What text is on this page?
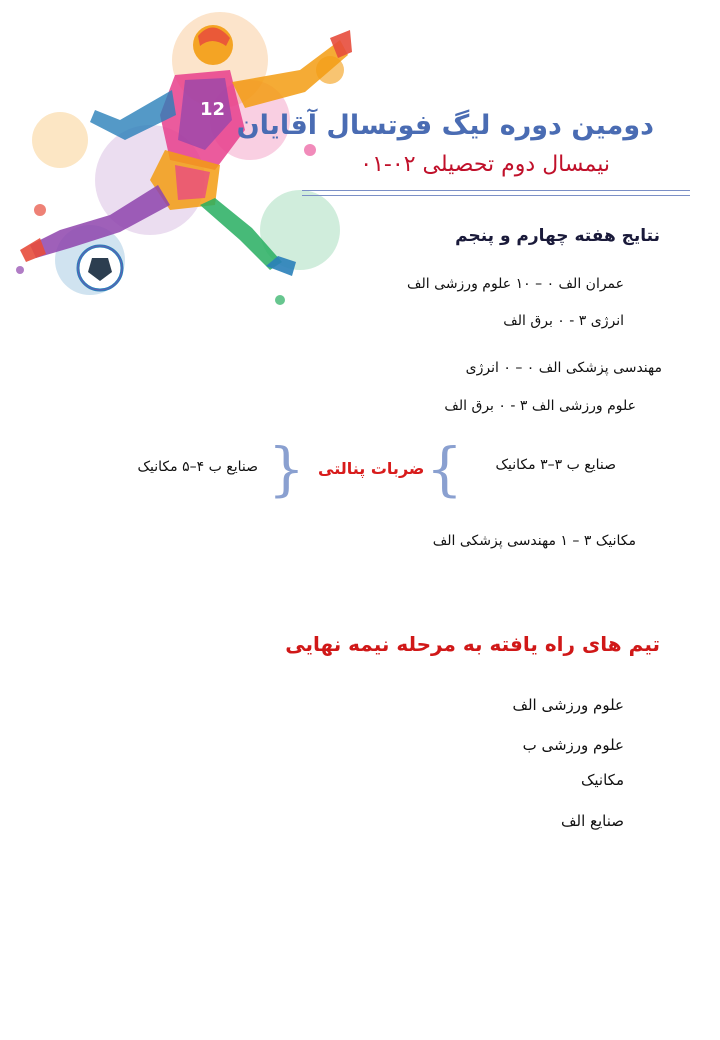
12
دومین دوره لیگ فوتسال آقایان
نیمسال دوم تحصیلی ۰۲-۰۱
نتایج هفته چهارم و پنجم
عمران الف ۰ – ۱۰ علوم ورزشی الف
انرژی ۳ - ۰ برق الف
مهندسی پزشکی الف ۰ – ۰ انرژی
علوم ورزشی الف ۳ - ۰ برق الف
صنایع ب ۳–۳ مکانیک
{
ضربات پنالتی
}
صنایع ب ۴–۵ مکانیک
مکانیک ۳ – ۱ مهندسی پزشکی الف
تیم های راه یافته به مرحله نیمه نهایی
علوم ورزشی الف
علوم ورزشی ب
مکانیک
صنایع الف
